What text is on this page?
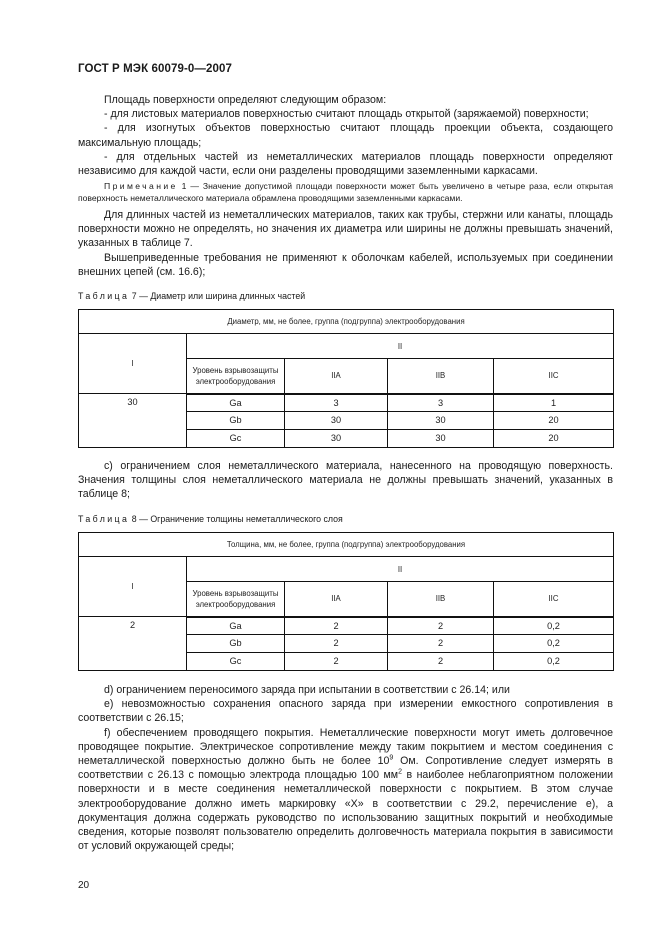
ГОСТ Р МЭК 60079-0—2007

Площадь поверхности определяют следующим образом:

- для листовых материалов поверхностью считают площадь открытой (заряжаемой) поверхности;

- для изогнутых объектов поверхностью считают площадь проекции объекта, создающего максимальную площадь;

- для отдельных частей из неметаллических материалов площадь поверхности определяют независимо для каждой части, если они разделены проводящими заземленными каркасами.

Примечание 1 — Значение допустимой площади поверхности может быть увеличено в четыре раза, если открытая поверхность неметаллического материала обрамлена проводящими заземленными каркасами.

Для длинных частей из неметаллических материалов, таких как трубы, стержни или канаты, площадь поверхности можно не определять, но значения их диаметра или ширины не должны превышать значений, указанных в таблице 7.

Вышеприведенные требования не применяют к оболочкам кабелей, используемых при соединении внешних цепей (см. 16.6);

Таблица 7 — Диаметр или ширина длинных частей
Диаметр, мм, не более, группа (подгруппа) электрооборудования				
I	II			
	Уровень взрывозащиты электрооборудования	IIA	IIB	IIC
30	Ga	3	3	1
	Gb	30	30	20
	Gc	30	30	20

с) ограничением слоя неметаллического материала, нанесенного на проводящую поверхность. Значения толщины слоя неметаллического материала не должны превышать значений, указанных в таблице 8;

Таблица 8 — Ограничение толщины неметаллического слоя
Толщина, мм, не более, группа (подгруппа) электрооборудования				
I	II			
	Уровень взрывозащиты электрооборудования	IIA	IIB	IIC
2	Ga	2	2	0,2
	Gb	2	2	0,2
	Gc	2	2	0,2

d) ограничением переносимого заряда при испытании в соответствии с 26.14; или

е) невозможностью сохранения опасного заряда при измерении емкостного сопротивления в соответствии с 26.15;

f) обеспечением проводящего покрытия. Неметаллические поверхности могут иметь долговечное проводящее покрытие. Электрическое сопротивление между таким покрытием и местом соединения с неметаллической поверхностью должно быть не более $10^9$ Ом. Сопротивление следует измерять в соответствии с 26.13 с помощью электрода площадью 100 $мм^2$ в наиболее неблагоприятном положении поверхности и в месте соединения неметаллической поверхности с покрытием. В этом случае электрооборудование должно иметь маркировку «X» в соответствии с 29.2, перечисление е), а документация должна содержать руководство по использованию защитных покрытий и необходимые сведения, которые позволят пользователю определить долговечность материала покрытия в зависимости от условий окружающей среды;

20
